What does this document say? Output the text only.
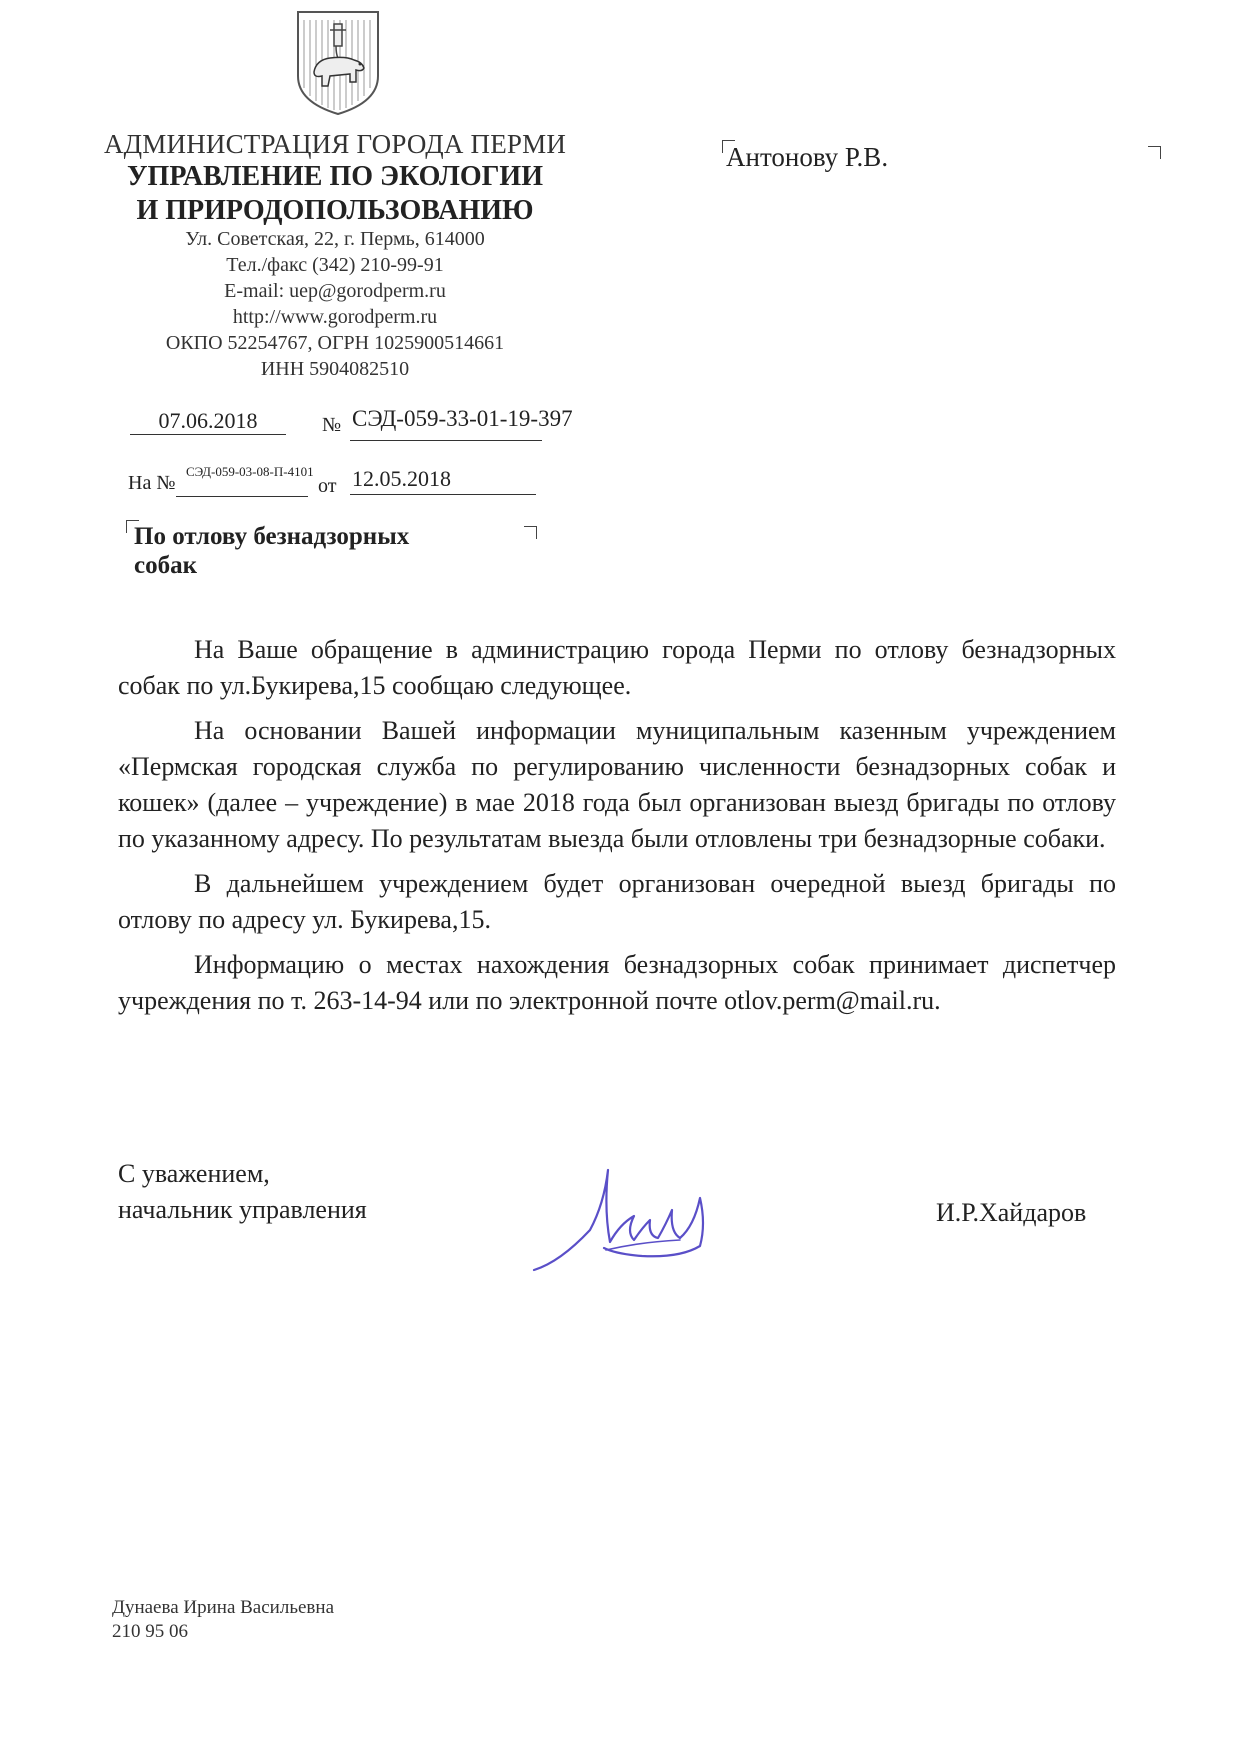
АДМИНИСТРАЦИЯ ГОРОДА ПЕРМИ
УПРАВЛЕНИЕ ПО ЭКОЛОГИИ
И ПРИРОДОПОЛЬЗОВАНИЮ
Ул. Советская, 22, г. Пермь, 614000
Тел./факс (342) 210-99-91
E-mail: uep@gorodperm.ru
http://www.gorodperm.ru
ОКПО 52254767, ОГРН 1025900514661
ИНН 5904082510
Антонову Р.В.
07.06.2018	№ СЭД-059-33-01-19-397
На №
СЭД-059-03-08-П-4101
от 12.05.2018
По отлову безнадзорных собак

На Ваше обращение в администрацию города Перми по отлову безнадзорных собак по ул.Букирева,15 сообщаю следующее.

На основании Вашей информации муниципальным казенным учреждением «Пермская городская служба по регулированию численности безнадзорных собак и кошек» (далее – учреждение) в мае 2018 года был организован выезд бригады по отлову по указанному адресу. По результатам выезда были отловлены три безнадзорные собаки.

В дальнейшем учреждением будет организован очередной выезд бригады по отлову по адресу ул. Букирева,15.

Информацию о местах нахождения безнадзорных собак принимает диспетчер учреждения по т. 263-14-94 или по электронной почте otlov.perm@mail.ru.

С уважением,
начальник управления	И.Р.Хайдаров
Дунаева Ирина Васильевна
210 95 06
